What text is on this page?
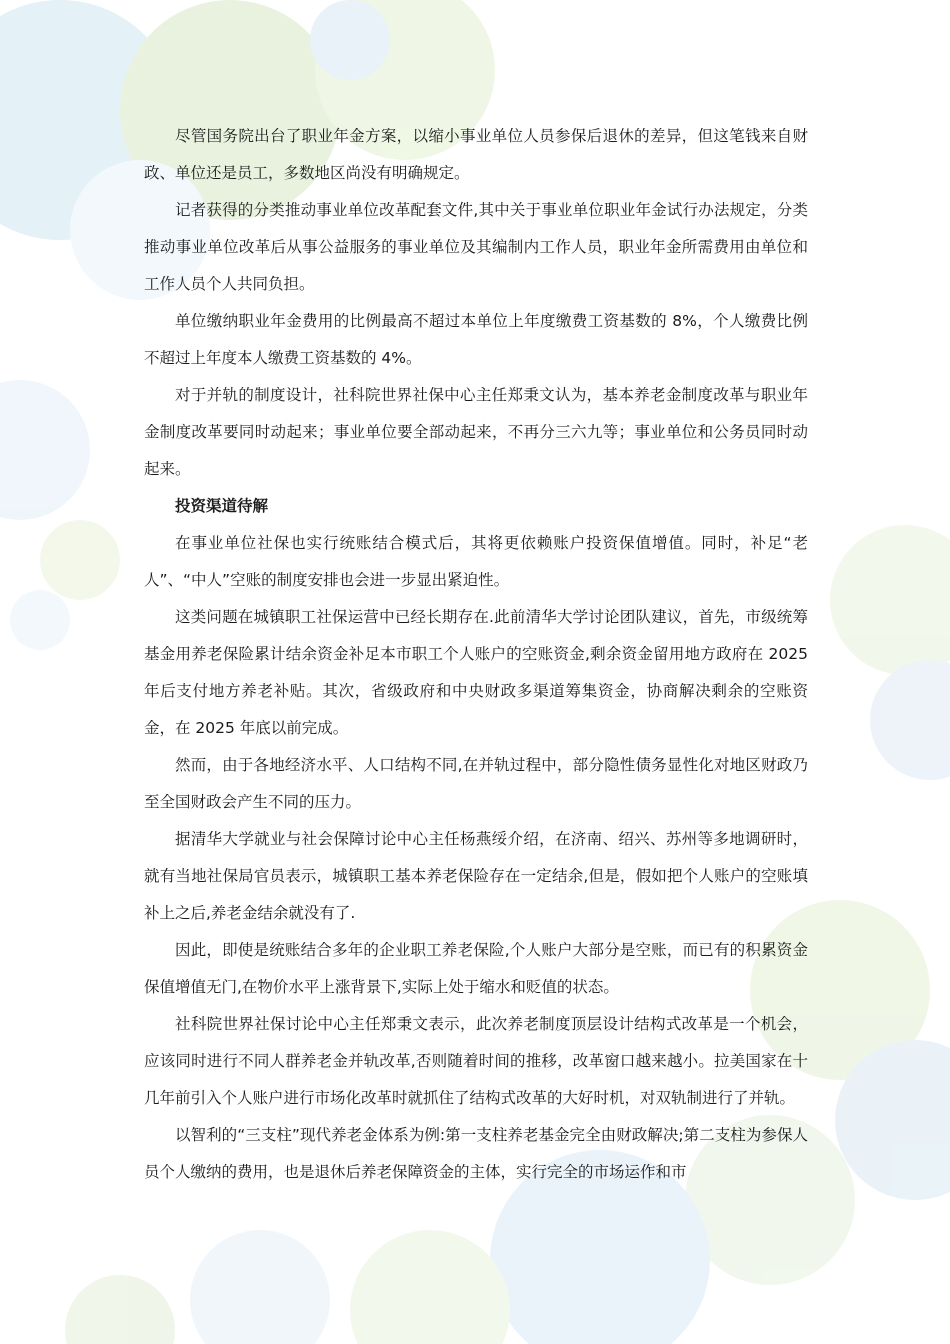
尽管国务院出台了职业年金方案，以缩小事业单位人员参保后退休的差异，但这笔钱来自财政、单位还是员工，多数地区尚没有明确规定。

记者获得的分类推动事业单位改革配套文件,其中关于事业单位职业年金试行办法规定，分类推动事业单位改革后从事公益服务的事业单位及其编制内工作人员，职业年金所需费用由单位和工作人员个人共同负担。

单位缴纳职业年金费用的比例最高不超过本单位上年度缴费工资基数的 8%，个人缴费比例不超过上年度本人缴费工资基数的 4%。

对于并轨的制度设计，社科院世界社保中心主任郑秉文认为，基本养老金制度改革与职业年金制度改革要同时动起来；事业单位要全部动起来，不再分三六九等；事业单位和公务员同时动起来。

投资渠道待解

在事业单位社保也实行统账结合模式后，其将更依赖账户投资保值增值。同时，补足“老人”、“中人”空账的制度安排也会进一步显出紧迫性。

这类问题在城镇职工社保运营中已经长期存在.此前清华大学讨论团队建议，首先，市级统筹基金用养老保险累计结余资金补足本市职工个人账户的空账资金,剩余资金留用地方政府在 2025 年后支付地方养老补贴。其次，省级政府和中央财政多渠道筹集资金，协商解决剩余的空账资金，在 2025 年底以前完成。

然而，由于各地经济水平、人口结构不同,在并轨过程中，部分隐性债务显性化对地区财政乃至全国财政会产生不同的压力。

据清华大学就业与社会保障讨论中心主任杨燕绥介绍，在济南、绍兴、苏州等多地调研时，就有当地社保局官员表示，城镇职工基本养老保险存在一定结余,但是，假如把个人账户的空账填补上之后,养老金结余就没有了.

因此，即使是统账结合多年的企业职工养老保险,个人账户大部分是空账，而已有的积累资金保值增值无门,在物价水平上涨背景下,实际上处于缩水和贬值的状态。

社科院世界社保讨论中心主任郑秉文表示，此次养老制度顶层设计结构式改革是一个机会，应该同时进行不同人群养老金并轨改革,否则随着时间的推移，改革窗口越来越小。拉美国家在十几年前引入个人账户进行市场化改革时就抓住了结构式改革的大好时机，对双轨制进行了并轨。

以智利的“三支柱”现代养老金体系为例:第一支柱养老基金完全由财政解决;第二支柱为参保人员个人缴纳的费用，也是退休后养老保障资金的主体，实行完全的市场运作和市
